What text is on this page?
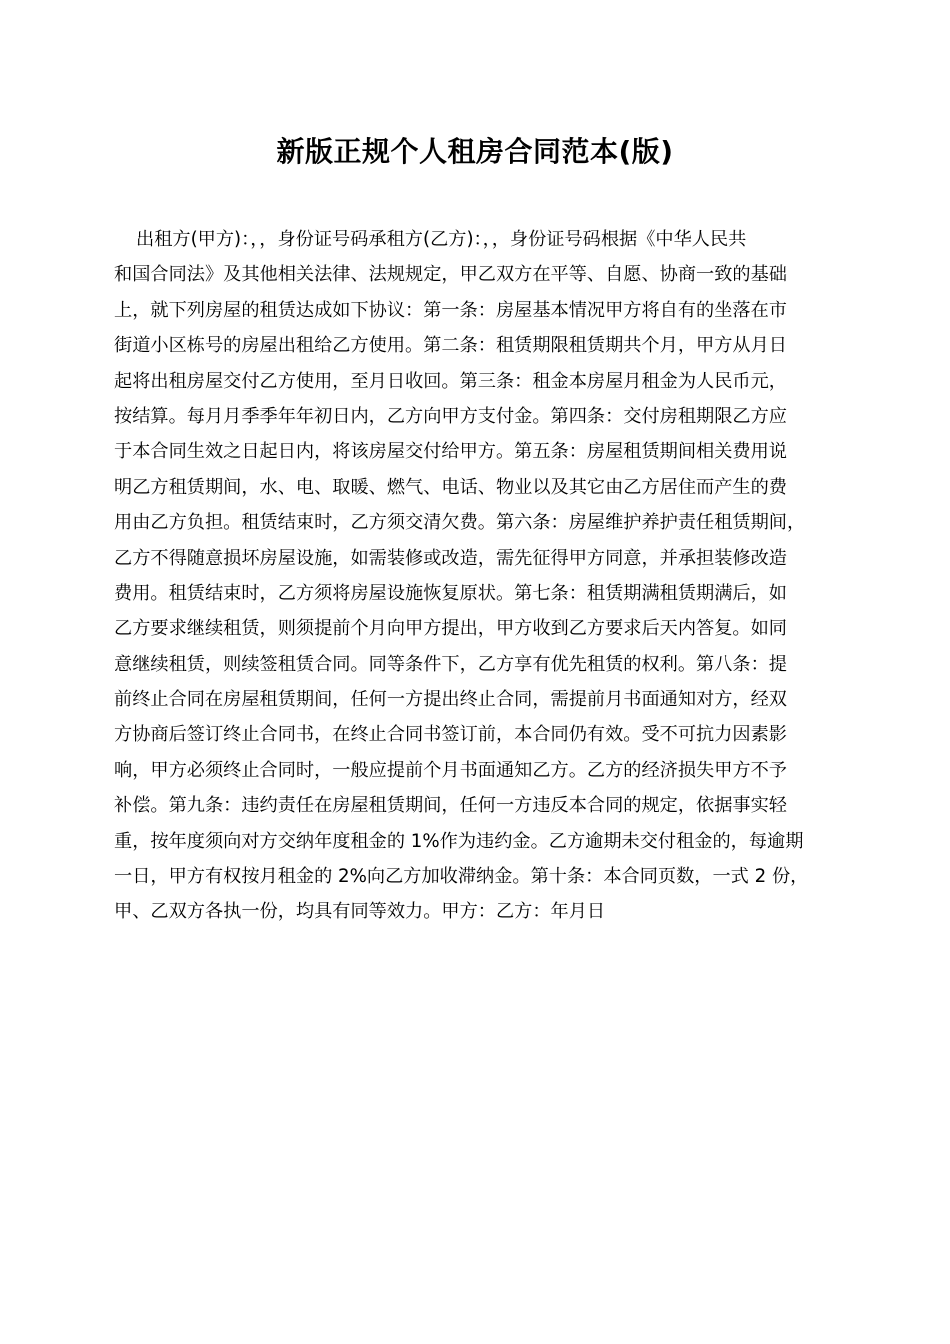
新版正规个人租房合同范本(版)
出租方(甲方)：，，身份证号码承租方(乙方)：，，身份证号码根据《中华人民共
和国合同法》及其他相关法律、法规规定，甲乙双方在平等、自愿、协商一致的基础
上，就下列房屋的租赁达成如下协议：第一条：房屋基本情况甲方将自有的坐落在市
街道小区栋号的房屋出租给乙方使用。第二条：租赁期限租赁期共个月，甲方从月日
起将出租房屋交付乙方使用，至月日收回。第三条：租金本房屋月租金为人民币元，
按结算。每月月季季年年初日内，乙方向甲方支付金。第四条：交付房租期限乙方应
于本合同生效之日起日内，将该房屋交付给甲方。第五条：房屋租赁期间相关费用说
明乙方租赁期间，水、电、取暖、燃气、电话、物业以及其它由乙方居住而产生的费
用由乙方负担。租赁结束时，乙方须交清欠费。第六条：房屋维护养护责任租赁期间，
乙方不得随意损坏房屋设施，如需装修或改造，需先征得甲方同意，并承担装修改造
费用。租赁结束时，乙方须将房屋设施恢复原状。第七条：租赁期满租赁期满后，如
乙方要求继续租赁，则须提前个月向甲方提出，甲方收到乙方要求后天内答复。如同
意继续租赁，则续签租赁合同。同等条件下，乙方享有优先租赁的权利。第八条：提
前终止合同在房屋租赁期间，任何一方提出终止合同，需提前月书面通知对方，经双
方协商后签订终止合同书，在终止合同书签订前，本合同仍有效。受不可抗力因素影
响，甲方必须终止合同时，一般应提前个月书面通知乙方。乙方的经济损失甲方不予
补偿。第九条：违约责任在房屋租赁期间，任何一方违反本合同的规定，依据事实轻
重，按年度须向对方交纳年度租金的 1%作为违约金。乙方逾期未交付租金的，每逾期
一日，甲方有权按月租金的 2%向乙方加收滞纳金。第十条：本合同页数，一式 2 份，
甲、乙双方各执一份，均具有同等效力。甲方：乙方：年月日
